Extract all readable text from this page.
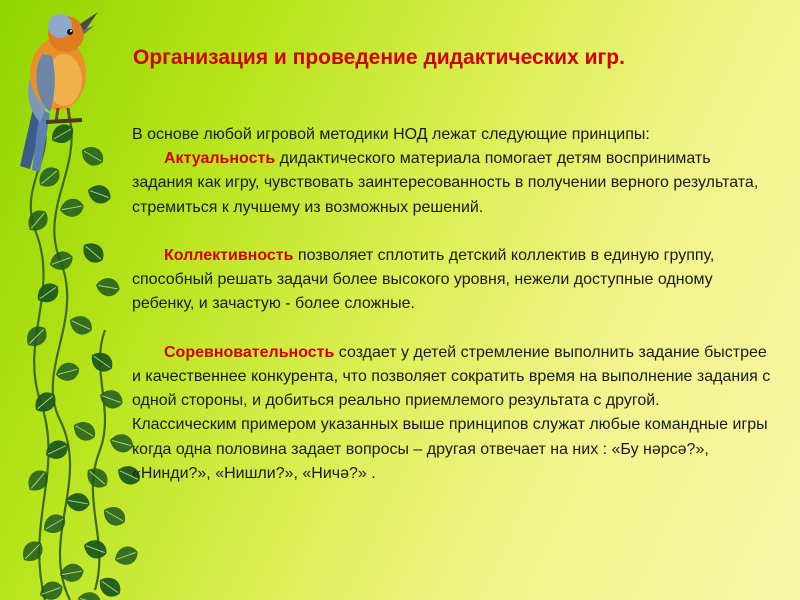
Организация и проведение дидактических игр.

В основе любой игровой методики НОД лежат следующие принципы:

Актуальность дидактического материала помогает детям воспринимать задания как игру, чувствовать заинтересованность в получении верного результата, стремиться к лучшему из возможных решений.

Коллективность позволяет сплотить детский коллектив в единую группу, способный решать задачи более высокого уровня, нежели доступные одному ребенку, и зачастую - более сложные.

Соревновательность создает у детей стремление выполнить задание быстрее и качественнее конкурента, что позволяет сократить время на выполнение задания с одной стороны, и добиться реально приемлемого результата с другой.

Классическим примером указанных выше принципов служат любые командные игры когда одна половина задает вопросы – другая отвечает на них : «Бу нәрсә?», «Нинди?», «Нишли?», «Ничә?» .
